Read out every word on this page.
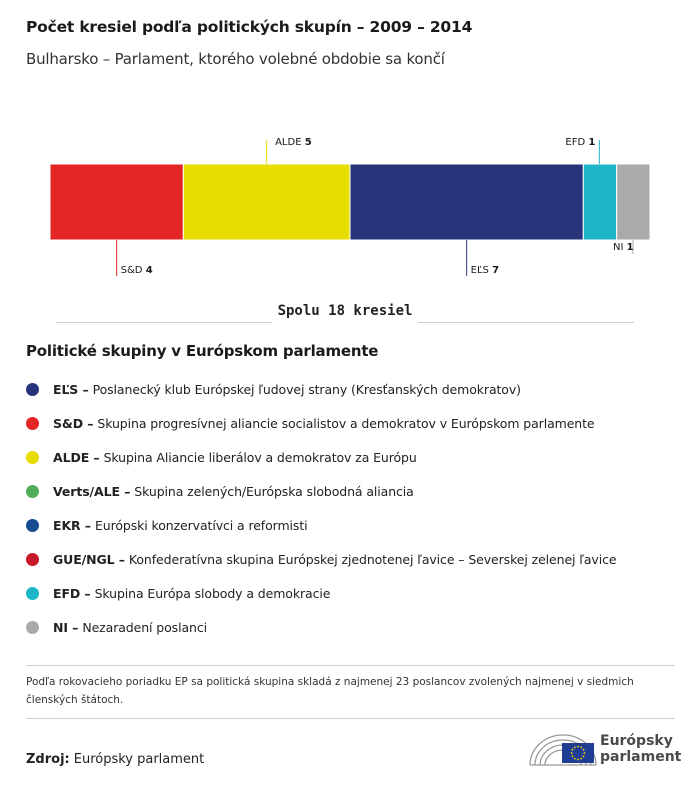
Počet kresiel podľa politických skupín – 2009 – 2014
Bulharsko – Parlament, ktorého volebné obdobie sa končí
S&D 4
ALDE 5
EĽS 7
EFD 1
NI 1
Spolu 18 kresiel
Politické skupiny v Európskom parlamente
EĽS – Poslanecký klub Európskej ľudovej strany (Kresťanských demokratov)
S&D – Skupina progresívnej aliancie socialistov a demokratov v Európskom parlamente
ALDE – Skupina Aliancie liberálov a demokratov za Európu
Verts/ALE – Skupina zelených/Európska slobodná aliancia
EKR – Európski konzervatívci a reformisti
GUE/NGL – Konfederatívna skupina Európskej zjednotenej ľavice – Severskej zelenej ľavice
EFD – Skupina Európa slobody a demokracie
NI – Nezaradení poslanci
Podľa rokovacieho poriadku EP sa politická skupina skladá z najmenej 23 poslancov zvolených najmenej v siedmich členských štátoch.
Zdroj: Európsky parlament
Európsky
parlament
